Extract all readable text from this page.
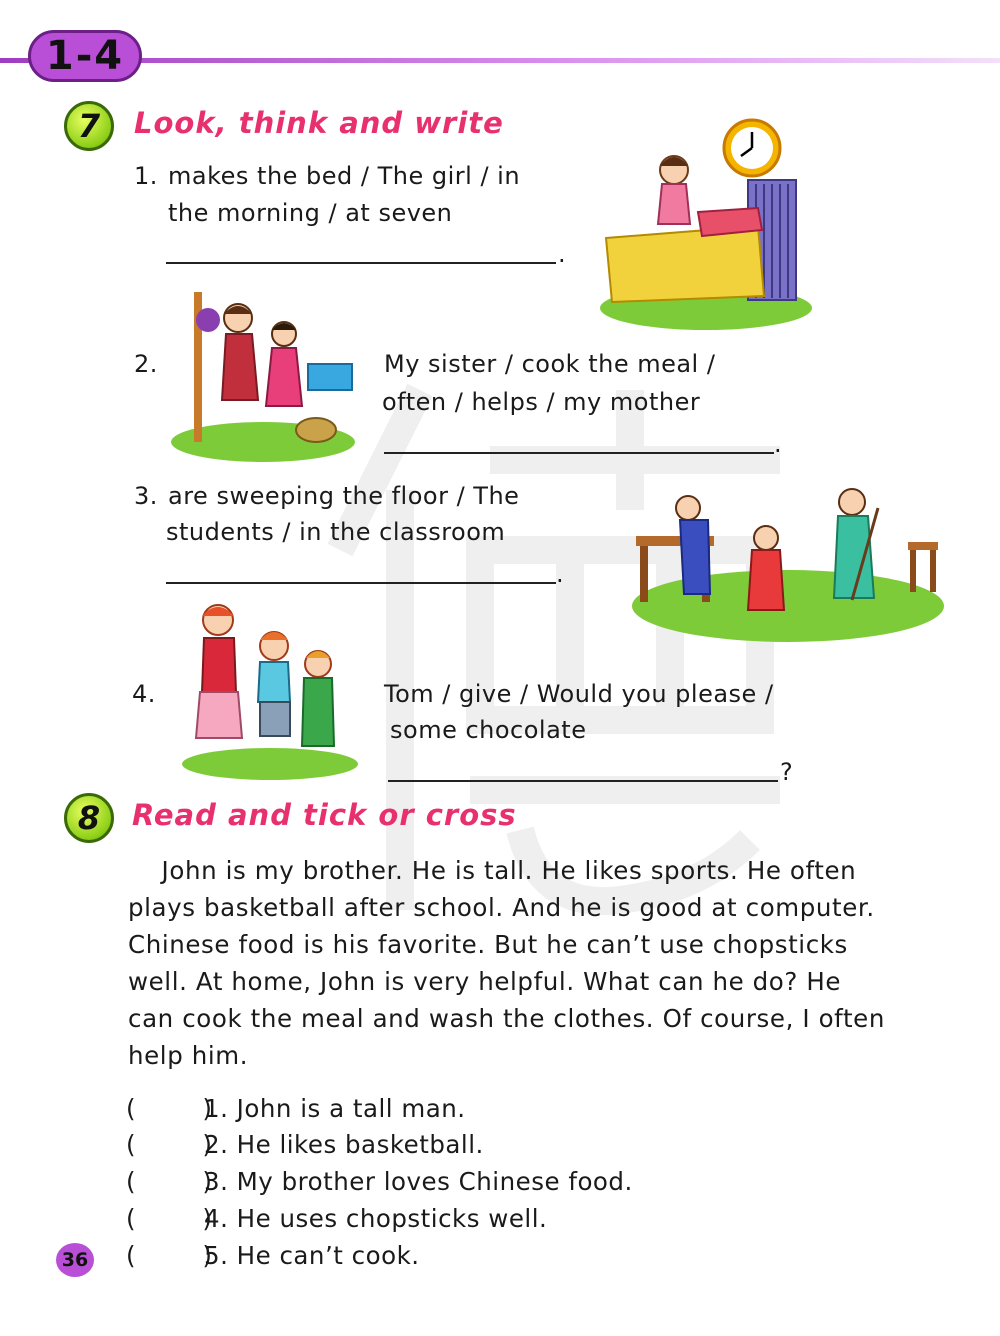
1-4
7	Look, think and write
1. makes the bed / The girl / in
the morning / at seven
.
2.	My sister / cook the meal /
often / helps / my mother
.
3. are sweeping the floor / The
students / in the classroom
.
4.	Tom / give / Would you please /
some chocolate
?
8	Read and tick or cross
John is my brother. He is tall. He likes sports. He often
plays basketball after school. And he is good at computer.
Chinese food is his favorite. But he can’t use chopsticks
well. At home, John is very helpful. What can he do? He
can cook the meal and wash the clothes. Of course, I often
help him.
(        )
1. John is a tall man.
(        )
2. He likes basketball.
(        )
3. My brother loves Chinese food.
(        )
4. He uses chopsticks well.
(        )
5. He can’t cook.
36
